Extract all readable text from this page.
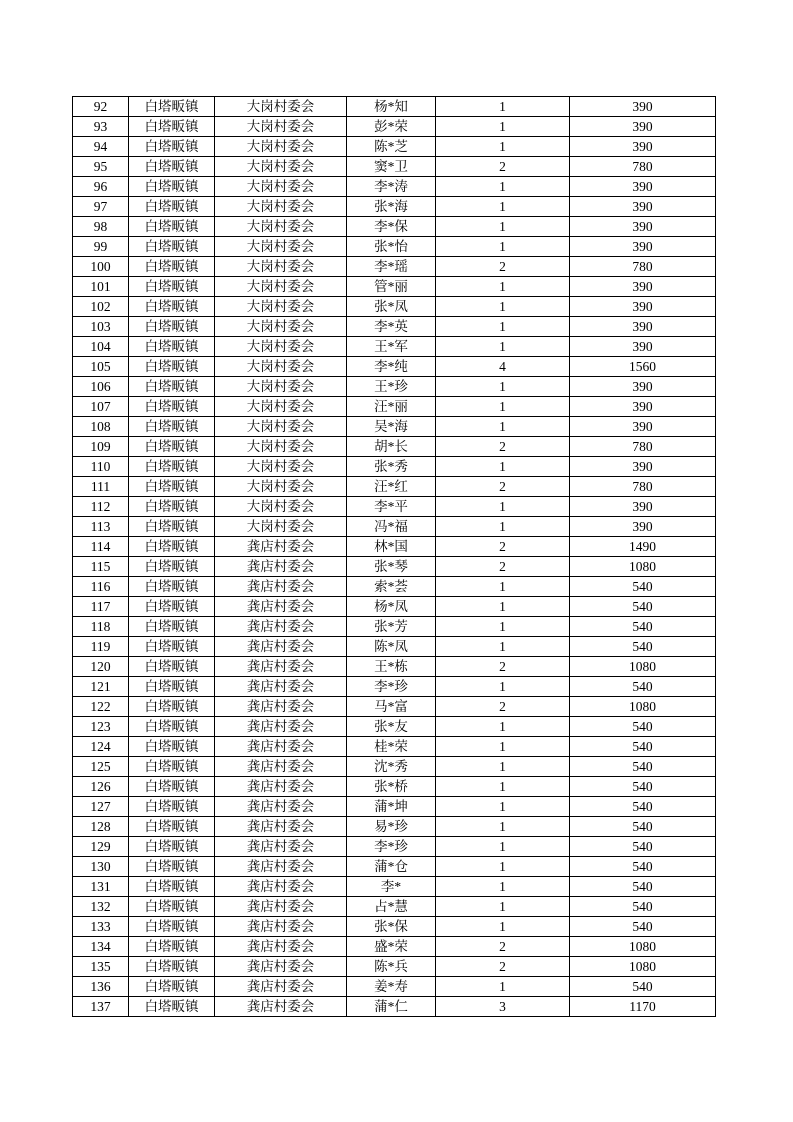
92	白塔畈镇	大岗村委会	杨*知	1	390
93	白塔畈镇	大岗村委会	彭*荣	1	390
94	白塔畈镇	大岗村委会	陈*芝	1	390
95	白塔畈镇	大岗村委会	窦*卫	2	780
96	白塔畈镇	大岗村委会	李*涛	1	390
97	白塔畈镇	大岗村委会	张*海	1	390
98	白塔畈镇	大岗村委会	李*保	1	390
99	白塔畈镇	大岗村委会	张*怡	1	390
100	白塔畈镇	大岗村委会	李*瑶	2	780
101	白塔畈镇	大岗村委会	管*丽	1	390
102	白塔畈镇	大岗村委会	张*凤	1	390
103	白塔畈镇	大岗村委会	李*英	1	390
104	白塔畈镇	大岗村委会	王*军	1	390
105	白塔畈镇	大岗村委会	李*纯	4	1560
106	白塔畈镇	大岗村委会	王*珍	1	390
107	白塔畈镇	大岗村委会	汪*丽	1	390
108	白塔畈镇	大岗村委会	吴*海	1	390
109	白塔畈镇	大岗村委会	胡*长	2	780
110	白塔畈镇	大岗村委会	张*秀	1	390
111	白塔畈镇	大岗村委会	汪*红	2	780
112	白塔畈镇	大岗村委会	李*平	1	390
113	白塔畈镇	大岗村委会	冯*福	1	390
114	白塔畈镇	龚店村委会	林*国	2	1490
115	白塔畈镇	龚店村委会	张*琴	2	1080
116	白塔畈镇	龚店村委会	索*荟	1	540
117	白塔畈镇	龚店村委会	杨*凤	1	540
118	白塔畈镇	龚店村委会	张*芳	1	540
119	白塔畈镇	龚店村委会	陈*凤	1	540
120	白塔畈镇	龚店村委会	王*栋	2	1080
121	白塔畈镇	龚店村委会	李*珍	1	540
122	白塔畈镇	龚店村委会	马*富	2	1080
123	白塔畈镇	龚店村委会	张*友	1	540
124	白塔畈镇	龚店村委会	桂*荣	1	540
125	白塔畈镇	龚店村委会	沈*秀	1	540
126	白塔畈镇	龚店村委会	张*桥	1	540
127	白塔畈镇	龚店村委会	蒲*坤	1	540
128	白塔畈镇	龚店村委会	易*珍	1	540
129	白塔畈镇	龚店村委会	李*珍	1	540
130	白塔畈镇	龚店村委会	蒲*仓	1	540
131	白塔畈镇	龚店村委会	李*	1	540
132	白塔畈镇	龚店村委会	占*慧	1	540
133	白塔畈镇	龚店村委会	张*保	1	540
134	白塔畈镇	龚店村委会	盛*荣	2	1080
135	白塔畈镇	龚店村委会	陈*兵	2	1080
136	白塔畈镇	龚店村委会	姜*寿	1	540
137	白塔畈镇	龚店村委会	蒲*仁	3	1170
